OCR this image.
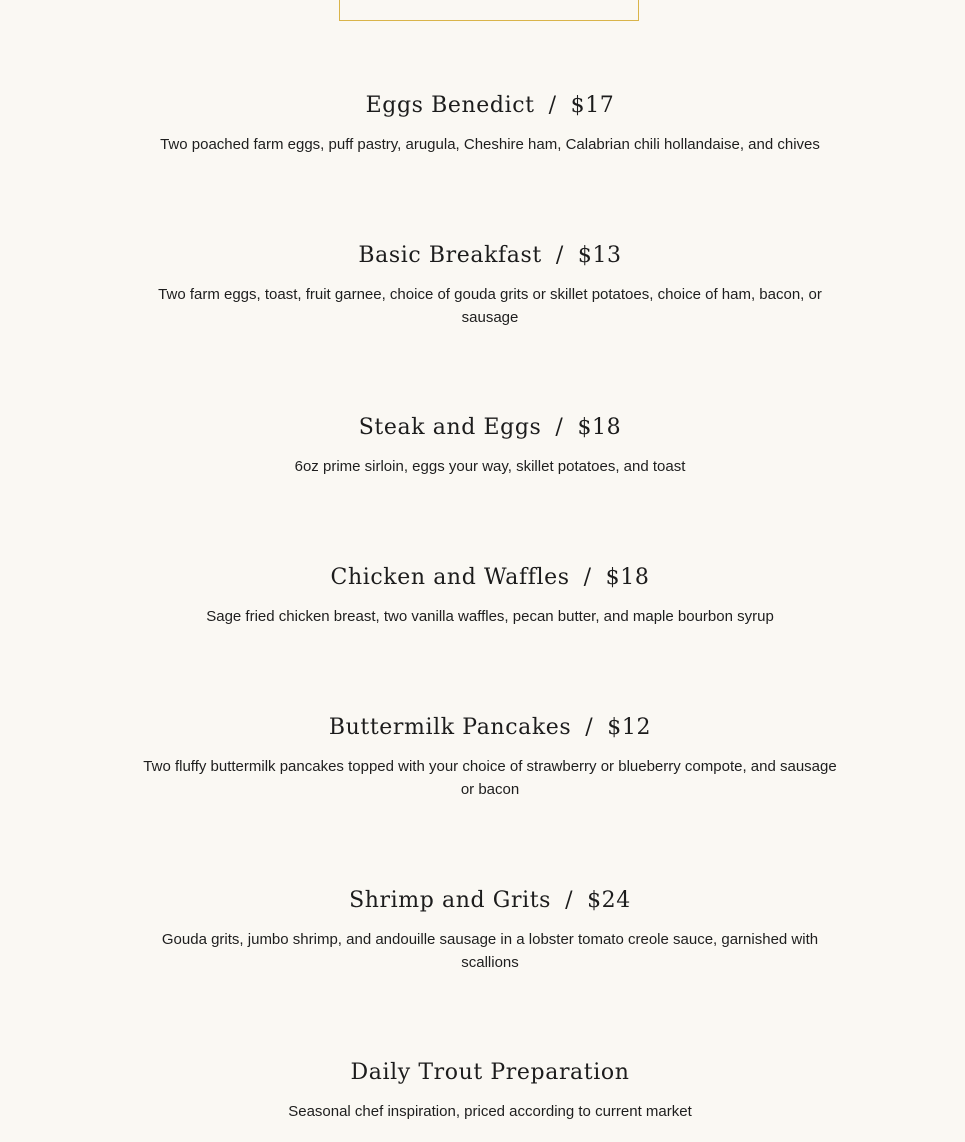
Eggs Benedict / $17

Two poached farm eggs, puff pastry, arugula, Cheshire ham, Calabrian chili hollandaise, and chives

Basic Breakfast / $13

Two farm eggs, toast, fruit garnee, choice of gouda grits or skillet potatoes, choice of ham, bacon, or sausage

Steak and Eggs / $18

6oz prime sirloin, eggs your way, skillet potatoes, and toast

Chicken and Waffles / $18

Sage fried chicken breast, two vanilla waffles, pecan butter, and maple bourbon syrup

Buttermilk Pancakes / $12

Two fluffy buttermilk pancakes topped with your choice of strawberry or blueberry compote, and sausage or bacon

Shrimp and Grits / $24

Gouda grits, jumbo shrimp, and andouille sausage in a lobster tomato creole sauce, garnished with scallions

Daily Trout Preparation

Seasonal chef inspiration, priced according to current market
